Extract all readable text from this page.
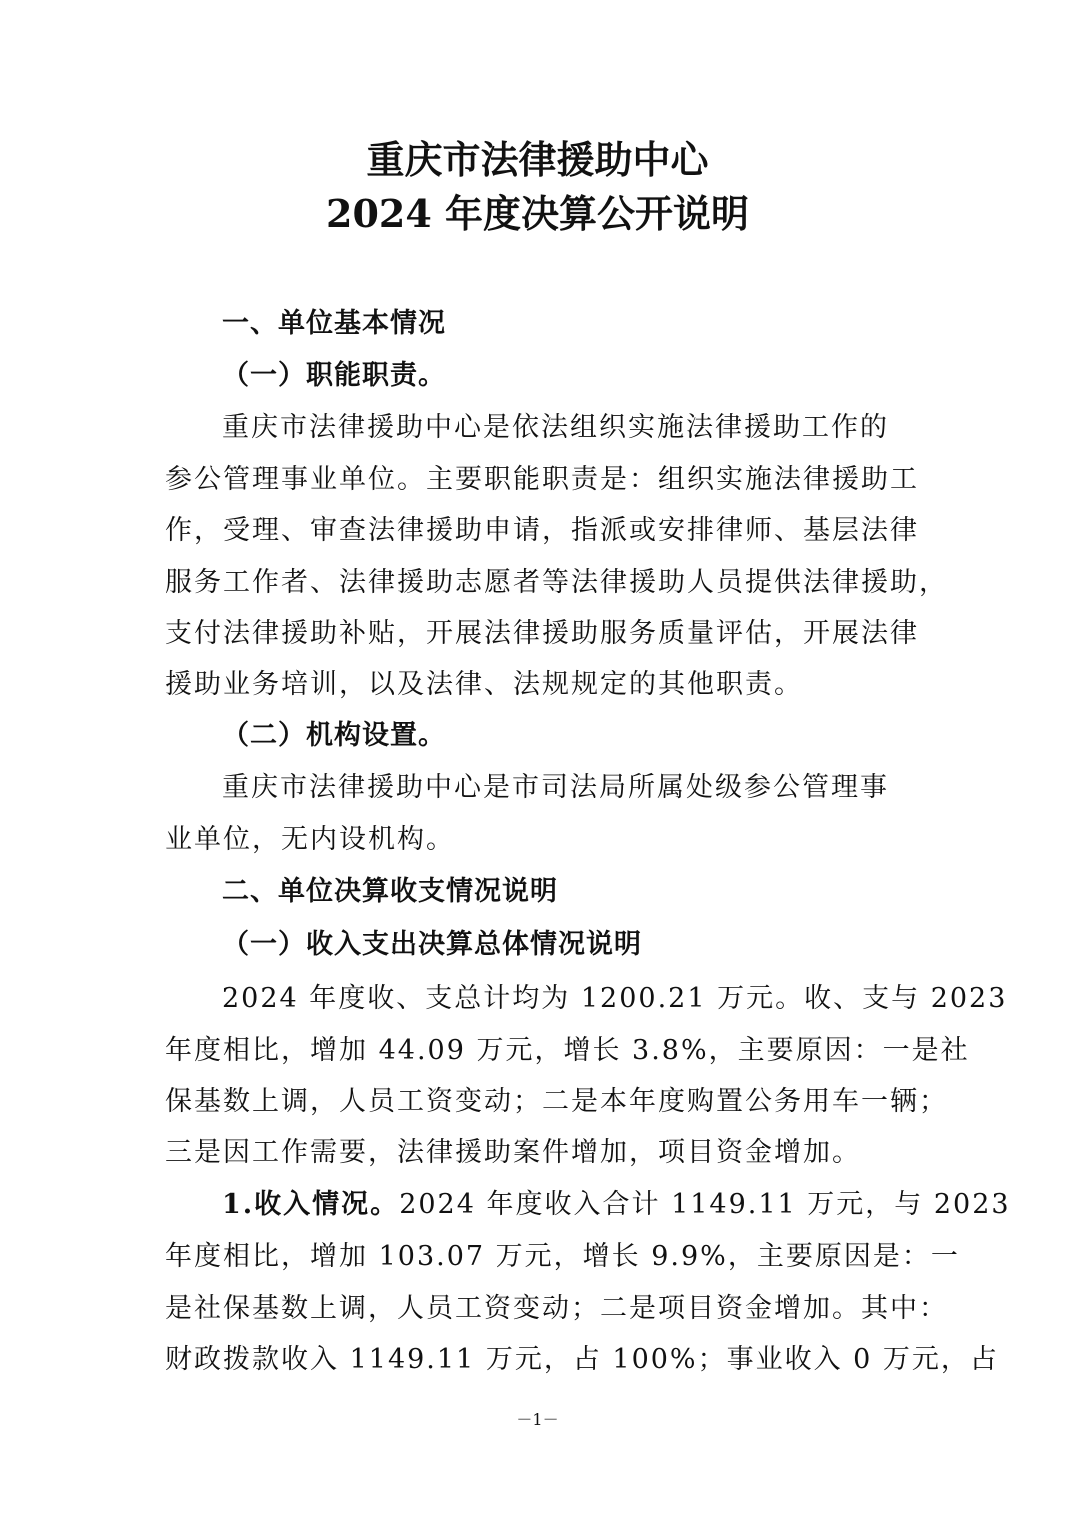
重庆市法律援助中心
2024 年度决算公开说明
一、单位基本情况
（一）职能职责。
重庆市法律援助中心是依法组织实施法律援助工作的
参公管理事业单位。主要职能职责是：组织实施法律援助工
作，受理、审查法律援助申请，指派或安排律师、基层法律
服务工作者、法律援助志愿者等法律援助人员提供法律援助，
支付法律援助补贴，开展法律援助服务质量评估，开展法律
援助业务培训，以及法律、法规规定的其他职责。
（二）机构设置。
重庆市法律援助中心是市司法局所属处级参公管理事
业单位，无内设机构。
二、单位决算收支情况说明
（一）收入支出决算总体情况说明
2024 年度收、支总计均为 1200.21 万元。收、支与 2023
年度相比，增加 44.09 万元，增长 3.8%，主要原因：一是社
保基数上调，人员工资变动；二是本年度购置公务用车一辆；
三是因工作需要，法律援助案件增加，项目资金增加。
1.收入情况。2024 年度收入合计 1149.11 万元，与 2023
年度相比，增加 103.07 万元，增长 9.9%，主要原因是：一
是社保基数上调，人员工资变动；二是项目资金增加。其中：
财政拨款收入 1149.11 万元，占 100%；事业收入 0 万元，占
－1－
